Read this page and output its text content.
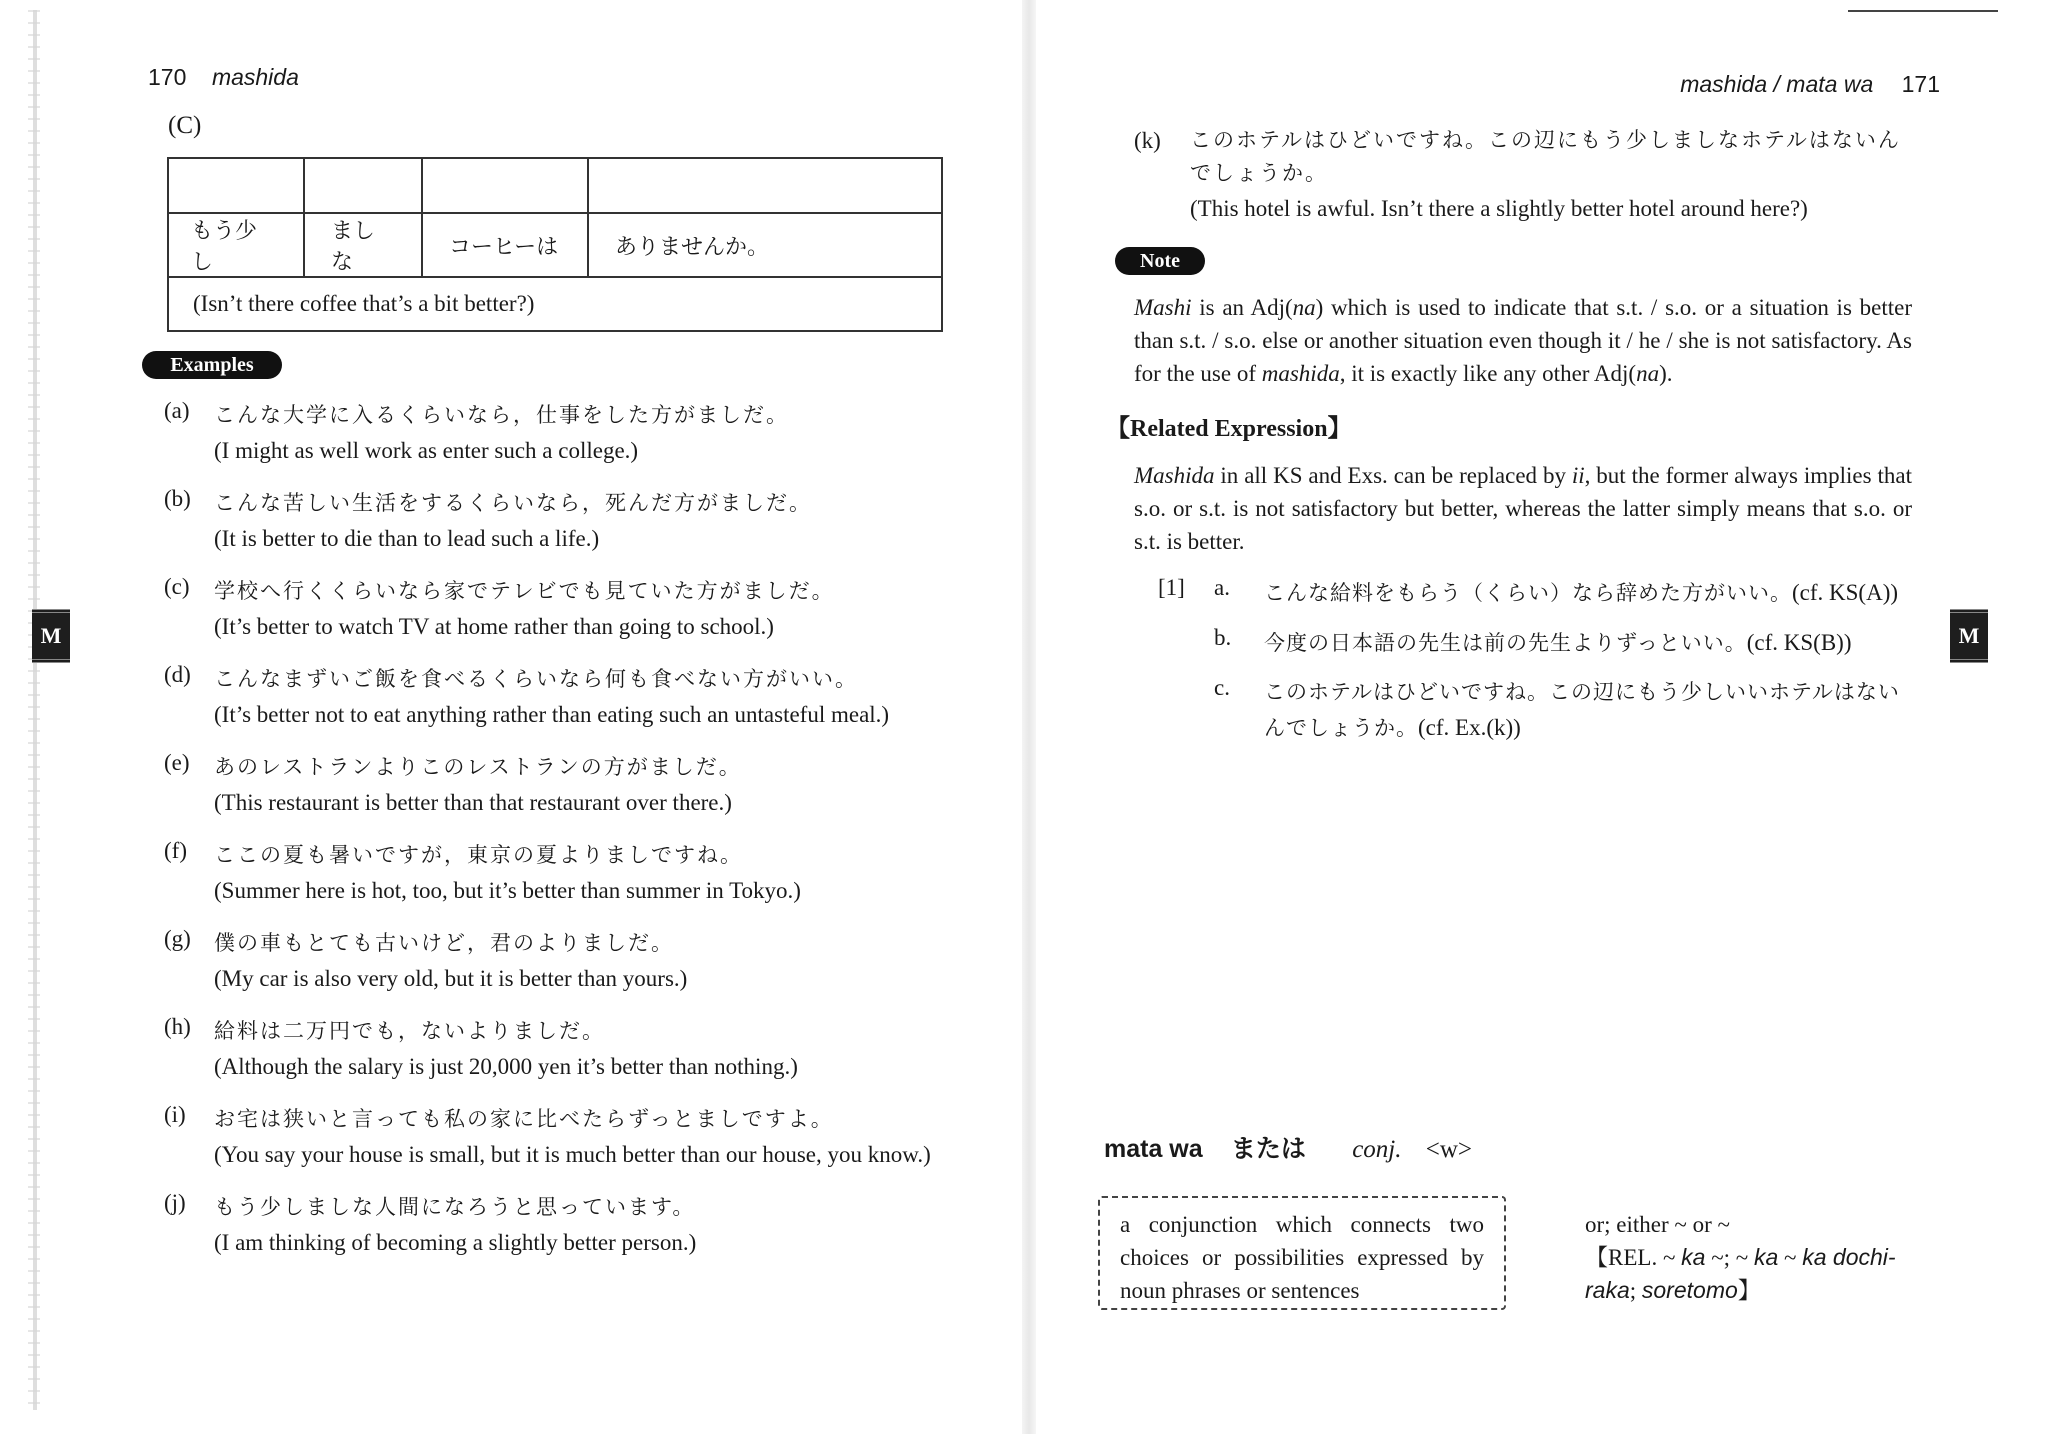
170 mashida
(C)

もう少し	ましな	コーヒーは	ありませんか。
(Isn’t there coffee that’s a bit better?)			
Examples
(a) こんな大学に入るくらいなら，仕事をした方がましだ。
(I might as well work as enter such a college.)
(b) こんな苦しい生活をするくらいなら，死んだ方がましだ。
(It is better to die than to lead such a life.)
(c) 学校へ行くくらいなら家でテレビでも見ていた方がましだ。
(It’s better to watch TV at home rather than going to school.)
(d) こんなまずいご飯を食べるくらいなら何も食べない方がいい。
(It’s better not to eat anything rather than eating such an untasteful meal.)
(e) あのレストランよりこのレストランの方がましだ。
(This restaurant is better than that restaurant over there.)
(f) ここの夏も暑いですが，東京の夏よりましですね。
(Summer here is hot, too, but it’s better than summer in Tokyo.)
(g) 僕の車もとても古いけど，君のよりましだ。
(My car is also very old, but it is better than yours.)
(h) 給料は二万円でも，ないよりましだ。
(Although the salary is just 20,000 yen it’s better than nothing.)
(i) お宅は狭いと言っても私の家に比べたらずっとましですよ。
(You say your house is small, but it is much better than our house, you know.)
(j) もう少しましな人間になろうと思っています。
(I am thinking of becoming a slightly better person.)
M
mashida / mata wa 171
(k)	このホテルはひどいですね。この辺にもう少しましなホテルはないんでしょうか。
(This hotel is awful. Isn’t there a slightly better hotel around here?)
Note
Mashi is an Adj(na) which is used to indicate that s.t. / s.o. or a situation is better than s.t. / s.o. else or another situation even though it / he / she is not satisfactory. As for the use of mashida, it is exactly like any other Adj(na).
【Related Expression】
Mashida in all KS and Exs. can be replaced by ii, but the former always implies that s.o. or s.t. is not satisfactory but better, whereas the latter simply means that s.o. or s.t. is better.
[1] a. こんな給料をもらう（くらい）なら辞めた方がいい。(cf. KS(A))
b. 今度の日本語の先生は前の先生よりずっといい。(cf. KS(B))
c. このホテルはひどいですね。この辺にもう少しいいホテルはないんでしょうか。(cf. Ex.(k))
mata wa または conj. <w>
a conjunction which connects two choices or possibilities expressed by noun phrases or sentences
or; either ~ or ~
【REL. ~ ka ~; ~ ka ~ ka dochi-raka; soretomo】
M
